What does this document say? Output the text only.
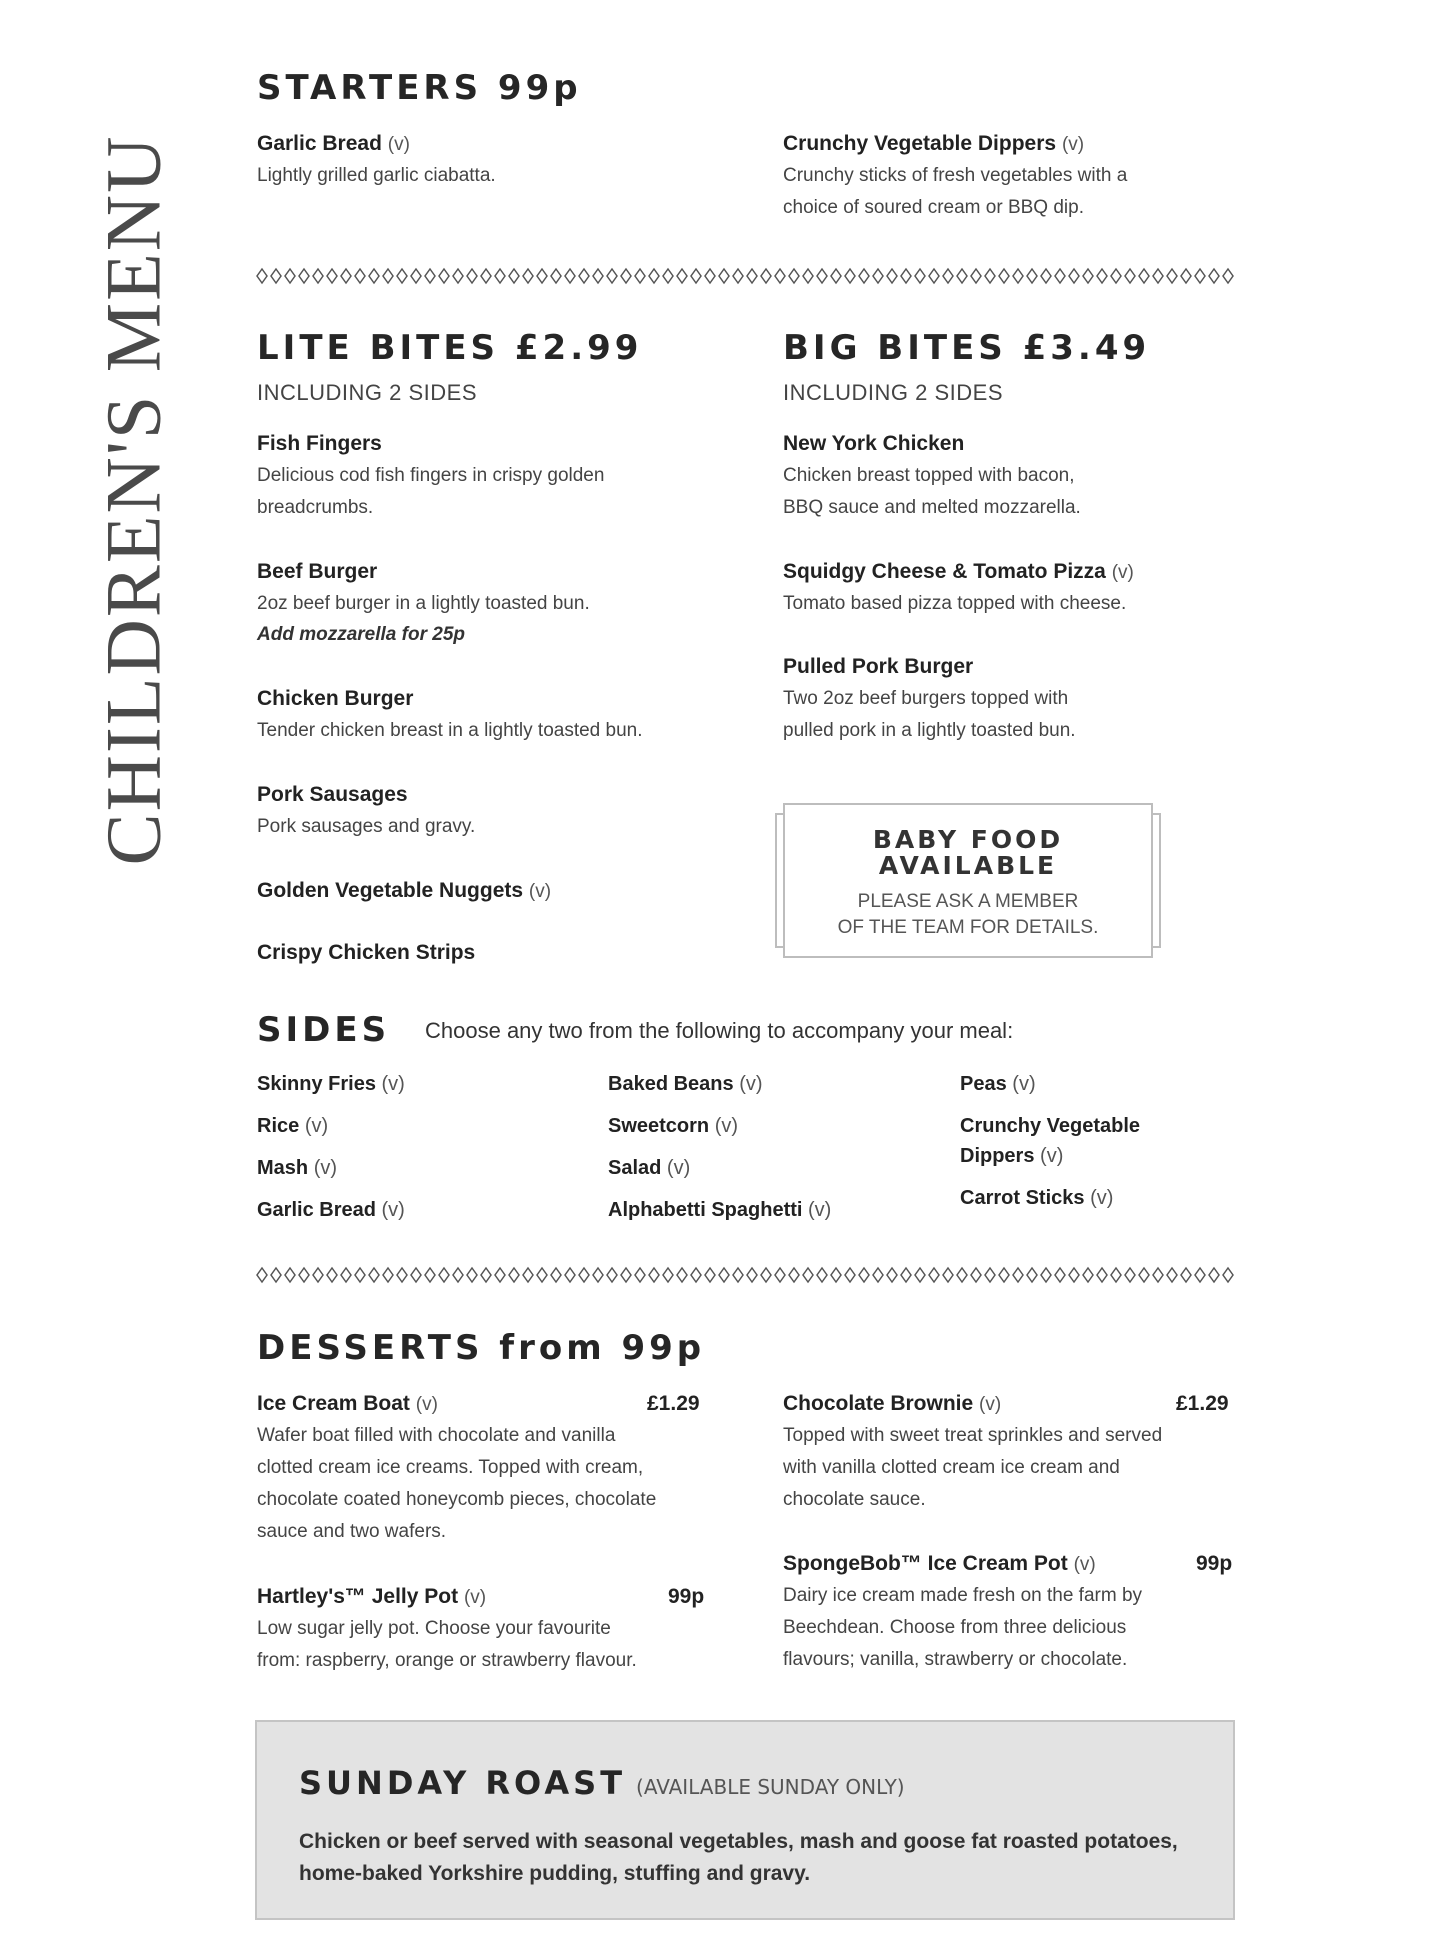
CHILDREN'S MENU
STARTERS 99p
Garlic Bread (v)
Lightly grilled garlic ciabatta.
Crunchy Vegetable Dippers (v)
Crunchy sticks of fresh vegetables with a choice of soured cream or BBQ dip.
LITE BITES £2.99
INCLUDING 2 SIDES
Fish Fingers
Delicious cod fish fingers in crispy golden breadcrumbs.
Beef Burger
2oz beef burger in a lightly toasted bun.
Add mozzarella for 25p
Chicken Burger
Tender chicken breast in a lightly toasted bun.
Pork Sausages
Pork sausages and gravy.
Golden Vegetable Nuggets (v)
Crispy Chicken Strips
BIG BITES £3.49
INCLUDING 2 SIDES
New York Chicken
Chicken breast topped with bacon, BBQ sauce and melted mozzarella.
Squidgy Cheese & Tomato Pizza (v)
Tomato based pizza topped with cheese.
Pulled Pork Burger
Two 2oz beef burgers topped with pulled pork in a lightly toasted bun.
BABY FOOD
AVAILABLE
PLEASE ASK A MEMBER
OF THE TEAM FOR DETAILS.
SIDES Choose any two from the following to accompany your meal:
Skinny Fries (v)
Rice (v)
Mash (v)
Garlic Bread (v)
Baked Beans (v)
Sweetcorn (v)
Salad (v)
Alphabetti Spaghetti (v)
Peas (v)
Crunchy Vegetable Dippers (v)
Carrot Sticks (v)
DESSERTS from 99p
Ice Cream Boat (v)
Wafer boat filled with chocolate and vanilla clotted cream ice creams. Topped with cream, chocolate coated honeycomb pieces, chocolate sauce and two wafers.
£1.29
Hartley's™ Jelly Pot (v)
Low sugar jelly pot. Choose your favourite from: raspberry, orange or strawberry flavour.
99p
Chocolate Brownie (v)
Topped with sweet treat sprinkles and served with vanilla clotted cream ice cream and chocolate sauce.
£1.29
SpongeBob™ Ice Cream Pot (v)
Dairy ice cream made fresh on the farm by Beechdean. Choose from three delicious flavours; vanilla, strawberry or chocolate.
99p
SUNDAY ROAST (AVAILABLE SUNDAY ONLY)
Chicken or beef served with seasonal vegetables, mash and goose fat roasted potatoes, home-baked Yorkshire pudding, stuffing and gravy.
